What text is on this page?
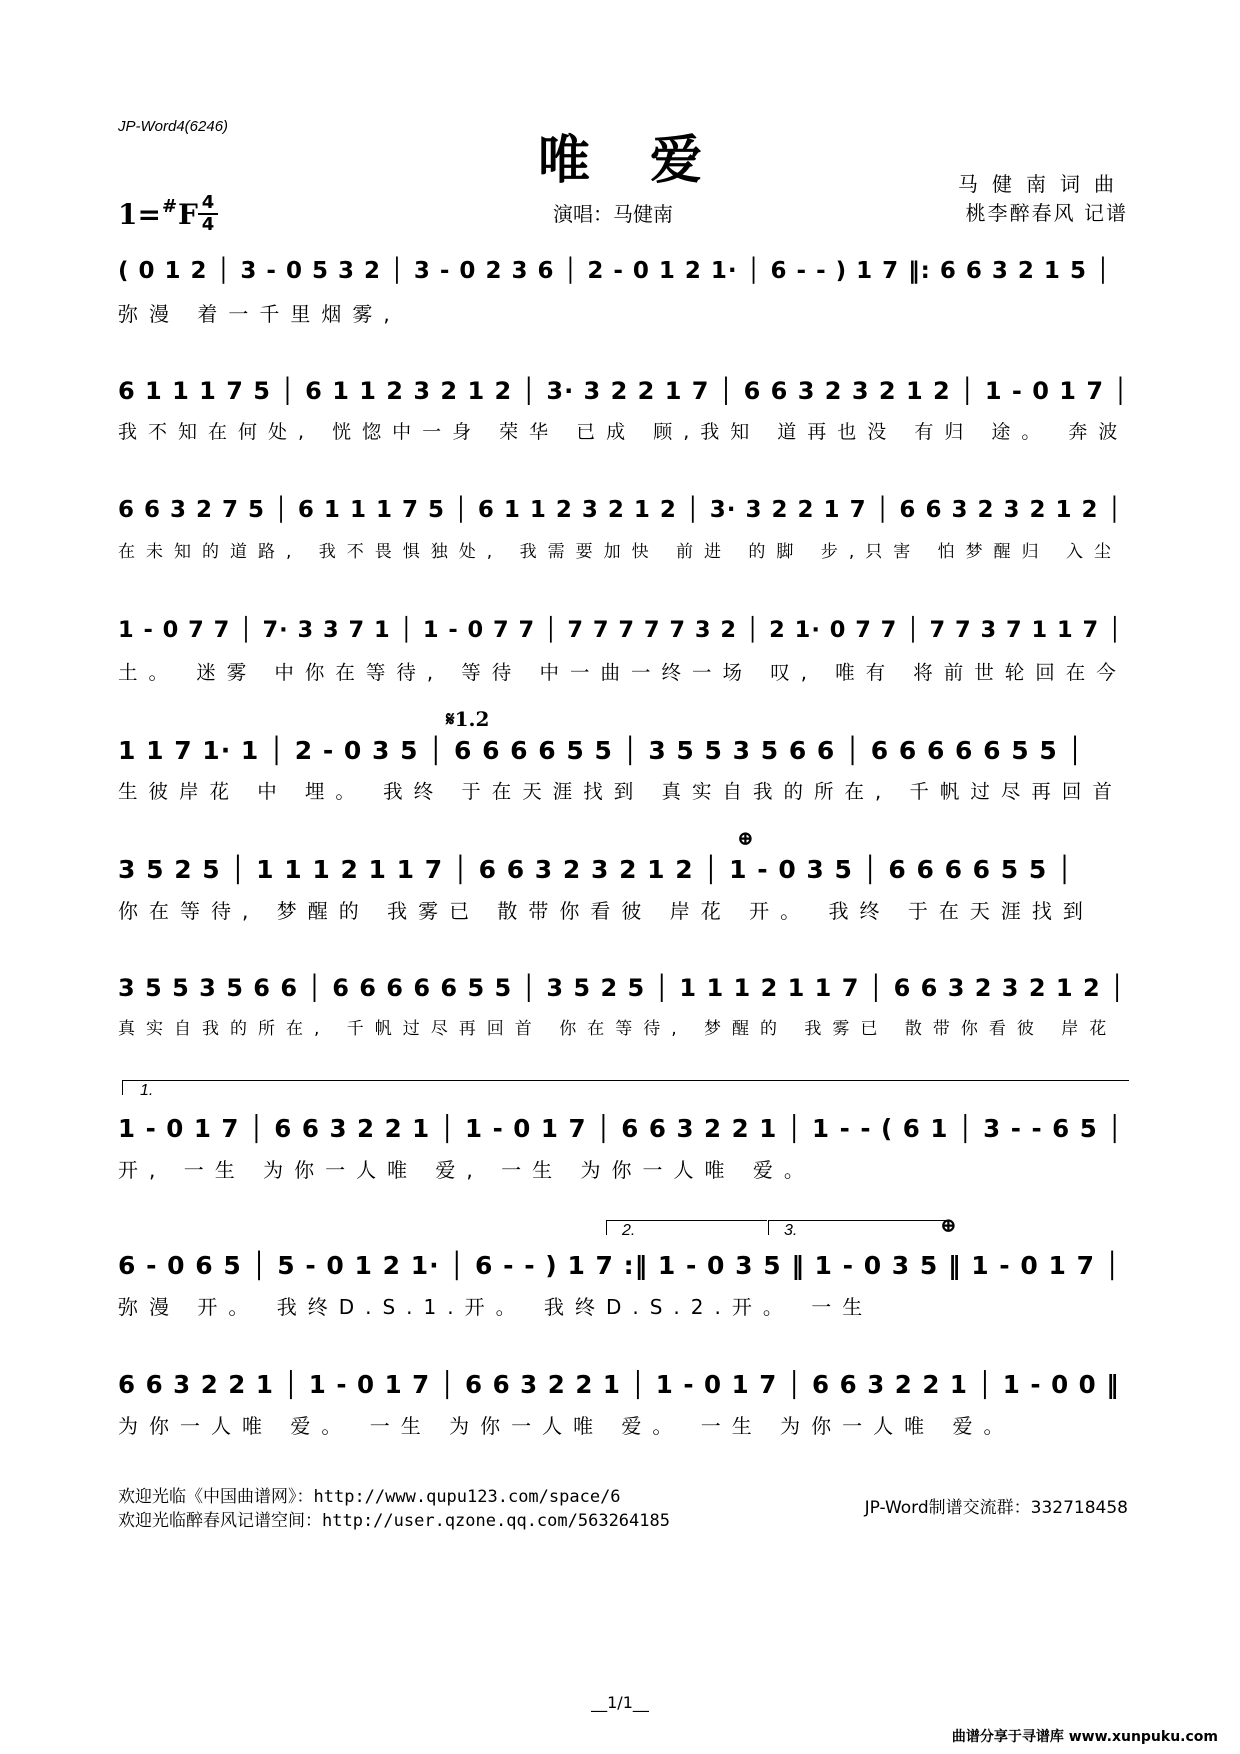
JP-Word4(6246)
唯爱
1=#F 4
4	演唱：马健南
马健南词曲
桃李醉春风 记谱
( 0 1 2 │ 3 - 0 5 3 2 │ 3 - 0 2 3 6 │ 2 - 0 1 2 1· │ 6 - - ) 1 7 ‖: 6 6 3 2 1 5 │
弥漫 着一千里烟雾,
6 1 1 1 7 5 │ 6 1 1 2 3 2 1 2 │ 3· 3 2 2 1 7 │ 6 6 3 2 3 2 1 2 │ 1 - 0 1 7 │
我不知在何处, 恍惚中一身 荣华 已成 顾,我知 道再也没 有归 途。 奔波
6 6 3 2 7 5 │ 6 1 1 1 7 5 │ 6 1 1 2 3 2 1 2 │ 3· 3 2 2 1 7 │ 6 6 3 2 3 2 1 2 │
在未知的道路, 我不畏惧独处, 我需要加快 前进 的脚 步,只害 怕梦醒归 入尘
1 - 0 7 7 │ 7· 3 3 7 1 │ 1 - 0 7 7 │ 7 7 7 7 7 3 2 │ 2 1· 0 7 7 │ 7 7 3 7 1 1 7 │
土。 迷雾 中你在等待, 等待 中一曲一终一场 叹, 唯有 将前世轮回在今
𝄋1.2
1 1 7 1· 1 │ 2 - 0 3 5 │ 6 6 6 6 5 5 │ 3 5 5 3 5 6 6 │ 6 6 6 6 6 5 5 │
生彼岸花 中 埋。 我终 于在天涯找到 真实自我的所在, 千帆过尽再回首
⊕
3 5 2 5 │ 1 1 1 2 1 1 7 │ 6 6 3 2 3 2 1 2 │ 1 - 0 3 5 │ 6 6 6 6 5 5 │
你在等待, 梦醒的 我雾已 散带你看彼 岸花 开。 我终 于在天涯找到
3 5 5 3 5 6 6 │ 6 6 6 6 6 5 5 │ 3 5 2 5 │ 1 1 1 2 1 1 7 │ 6 6 3 2 3 2 1 2 │
真实自我的所在, 千帆过尽再回首 你在等待, 梦醒的 我雾已 散带你看彼 岸花
1.
1 - 0 1 7 │ 6 6 3 2 2 1 │ 1 - 0 1 7 │ 6 6 3 2 2 1 │ 1 - - ( 6 1 │ 3 - - 6 5 │
开, 一生 为你一人唯 爱, 一生 为你一人唯 爱。
2.	3.	⊕
6 - 0 6 5 │ 5 - 0 1 2 1· │ 6 - - ) 1 7 :‖ 1 - 0 3 5 ‖ 1 - 0 3 5 ‖ 1 - 0 1 7 │
弥漫 开。 我终D.S.1.开。 我终D.S.2.开。 一生
6 6 3 2 2 1 │ 1 - 0 1 7 │ 6 6 3 2 2 1 │ 1 - 0 1 7 │ 6 6 3 2 2 1 │ 1 - 0 0 ‖
为你一人唯 爱。 一生 为你一人唯 爱。 一生 为你一人唯 爱。
欢迎光临《中国曲谱网》：http://www.qupu123.com/space/6
欢迎光临醉春风记谱空间：http://user.qzone.qq.com/563264185
JP-Word制谱交流群：332718458
__1/1__
曲谱分享于寻谱库 www.xunpuku.com
